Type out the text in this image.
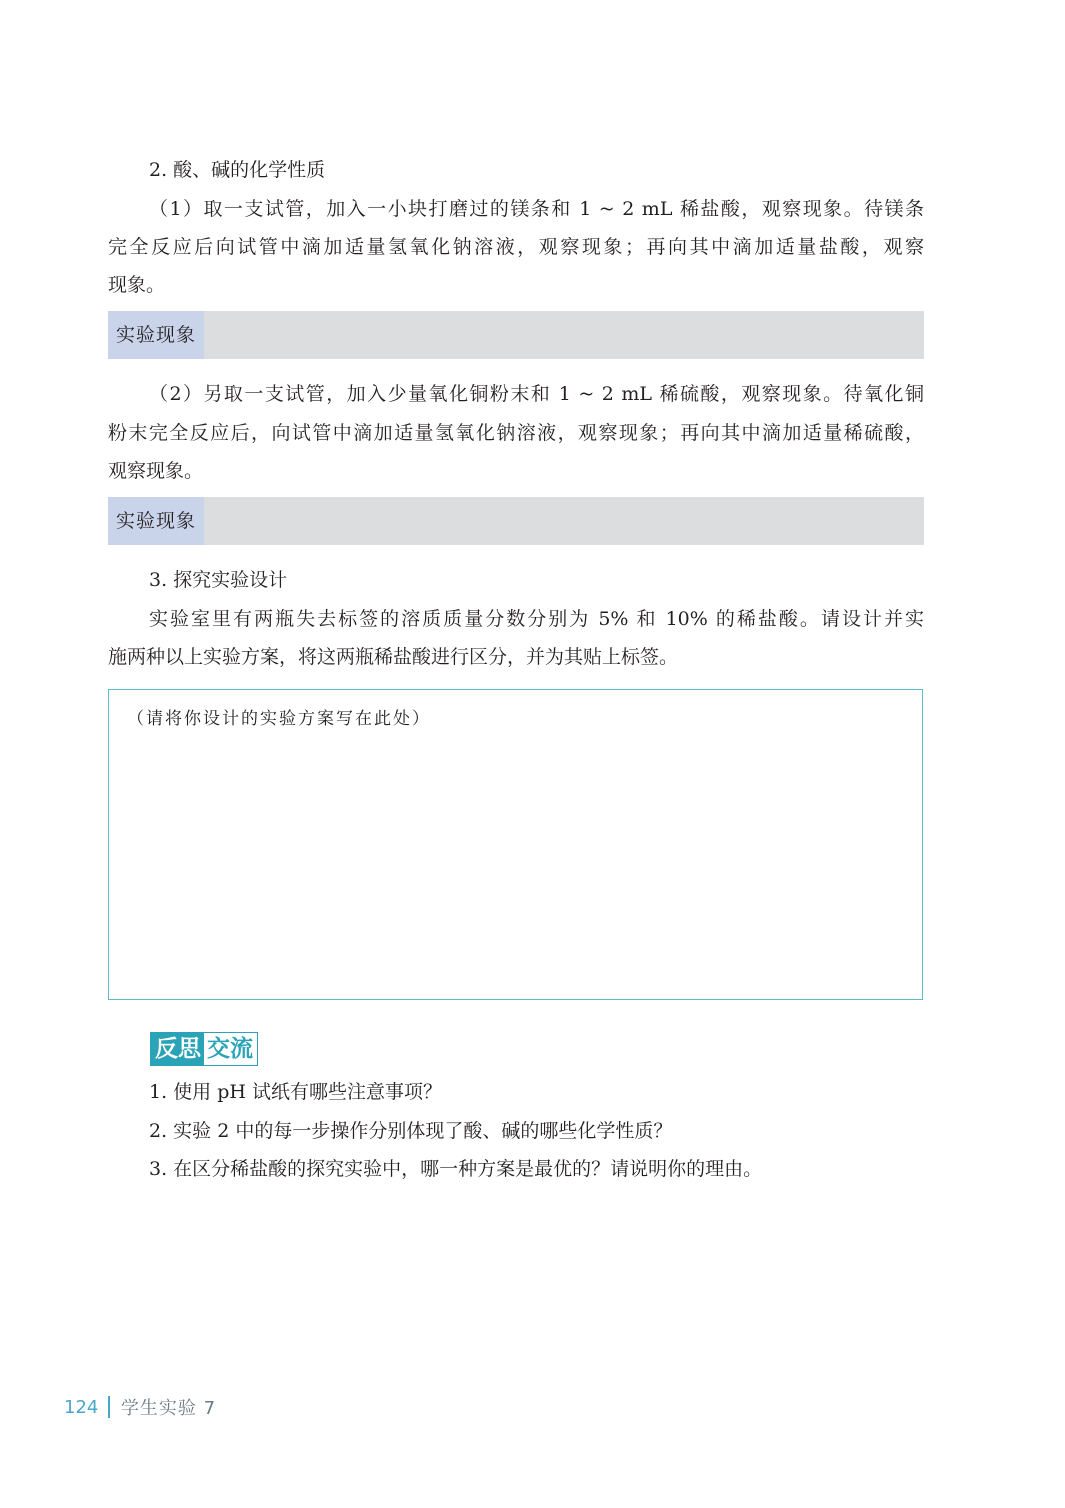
2. 酸、碱的化学性质
（1）取一支试管，加入一小块打磨过的镁条和 1 ~ 2 mL 稀盐酸，观察现象。待镁条
完全反应后向试管中滴加适量氢氧化钠溶液，观察现象；再向其中滴加适量盐酸，观察
现象。
实验现象
（2）另取一支试管，加入少量氧化铜粉末和 1 ~ 2 mL 稀硫酸，观察现象。待氧化铜
粉末完全反应后，向试管中滴加适量氢氧化钠溶液，观察现象；再向其中滴加适量稀硫酸，
观察现象。
实验现象
3. 探究实验设计
实验室里有两瓶失去标签的溶质质量分数分别为 5% 和 10% 的稀盐酸。请设计并实
施两种以上实验方案，将这两瓶稀盐酸进行区分，并为其贴上标签。
（请将你设计的实验方案写在此处）
反思 交流
1. 使用 pH 试纸有哪些注意事项？
2. 实验 2 中的每一步操作分别体现了酸、碱的哪些化学性质？
3. 在区分稀盐酸的探究实验中，哪一种方案是最优的？请说明你的理由。
124 学生实验 7
